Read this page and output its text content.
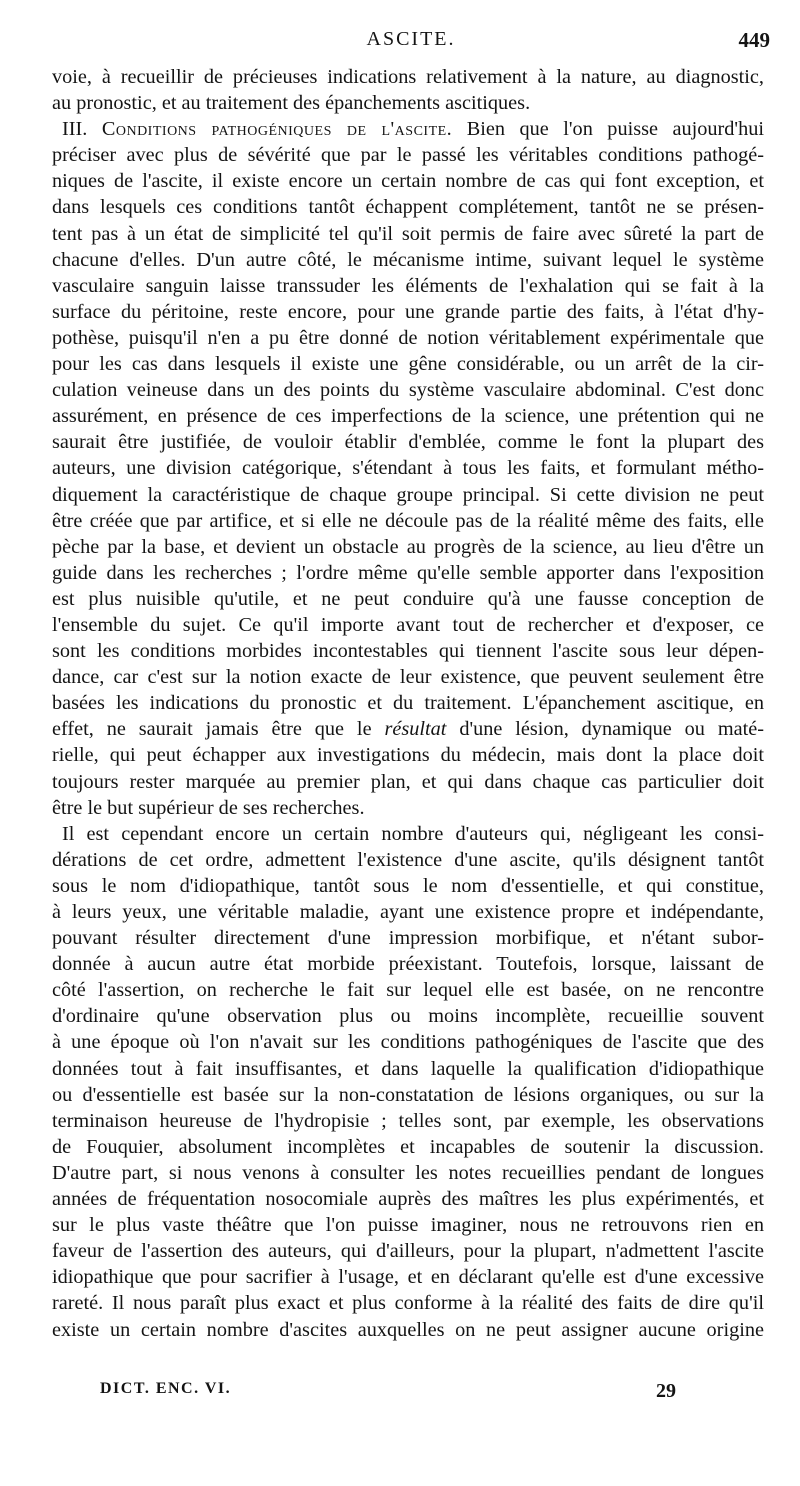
ASCITE.	449
voie, à recueillir de précieuses indications relativement à la nature, au diagnostic,
au pronostic, et au traitement des épanchements ascitiques.
III. Conditions pathogéniques de l'ascite. Bien que l'on puisse aujourd'hui
préciser avec plus de sévérité que par le passé les véritables conditions pathogé-
niques de l'ascite, il existe encore un certain nombre de cas qui font exception, et
dans lesquels ces conditions tantôt échappent complétement, tantôt ne se présen-
tent pas à un état de simplicité tel qu'il soit permis de faire avec sûreté la part de
chacune d'elles. D'un autre côté, le mécanisme intime, suivant lequel le système
vasculaire sanguin laisse transsuder les éléments de l'exhalation qui se fait à la
surface du péritoine, reste encore, pour une grande partie des faits, à l'état d'hy-
pothèse, puisqu'il n'en a pu être donné de notion véritablement expérimentale que
pour les cas dans lesquels il existe une gêne considérable, ou un arrêt de la cir-
culation veineuse dans un des points du système vasculaire abdominal. C'est donc
assurément, en présence de ces imperfections de la science, une prétention qui ne
saurait être justifiée, de vouloir établir d'emblée, comme le font la plupart des
auteurs, une division catégorique, s'étendant à tous les faits, et formulant métho-
diquement la caractéristique de chaque groupe principal. Si cette division ne peut
être créée que par artifice, et si elle ne découle pas de la réalité même des faits, elle
pèche par la base, et devient un obstacle au progrès de la science, au lieu d'être un
guide dans les recherches ; l'ordre même qu'elle semble apporter dans l'exposition
est plus nuisible qu'utile, et ne peut conduire qu'à une fausse conception de
l'ensemble du sujet. Ce qu'il importe avant tout de rechercher et d'exposer, ce
sont les conditions morbides incontestables qui tiennent l'ascite sous leur dépen-
dance, car c'est sur la notion exacte de leur existence, que peuvent seulement être
basées les indications du pronostic et du traitement. L'épanchement ascitique, en
effet, ne saurait jamais être que le résultat d'une lésion, dynamique ou maté-
rielle, qui peut échapper aux investigations du médecin, mais dont la place doit
toujours rester marquée au premier plan, et qui dans chaque cas particulier doit
être le but supérieur de ses recherches.
Il est cependant encore un certain nombre d'auteurs qui, négligeant les consi-
dérations de cet ordre, admettent l'existence d'une ascite, qu'ils désignent tantôt
sous le nom d'idiopathique, tantôt sous le nom d'essentielle, et qui constitue,
à leurs yeux, une véritable maladie, ayant une existence propre et indépendante,
pouvant résulter directement d'une impression morbifique, et n'étant subor-
donnée à aucun autre état morbide préexistant. Toutefois, lorsque, laissant de
côté l'assertion, on recherche le fait sur lequel elle est basée, on ne rencontre
d'ordinaire qu'une observation plus ou moins incomplète, recueillie souvent
à une époque où l'on n'avait sur les conditions pathogéniques de l'ascite que des
données tout à fait insuffisantes, et dans laquelle la qualification d'idiopathique
ou d'essentielle est basée sur la non-constatation de lésions organiques, ou sur la
terminaison heureuse de l'hydropisie ; telles sont, par exemple, les observations
de Fouquier, absolument incomplètes et incapables de soutenir la discussion.
D'autre part, si nous venons à consulter les notes recueillies pendant de longues
années de fréquentation nosocomiale auprès des maîtres les plus expérimentés, et
sur le plus vaste théâtre que l'on puisse imaginer, nous ne retrouvons rien en
faveur de l'assertion des auteurs, qui d'ailleurs, pour la plupart, n'admettent l'ascite
idiopathique que pour sacrifier à l'usage, et en déclarant qu'elle est d'une excessive
rareté. Il nous paraît plus exact et plus conforme à la réalité des faits de dire qu'il
existe un certain nombre d'ascites auxquelles on ne peut assigner aucune origine
DICT. ENC. VI.	29
